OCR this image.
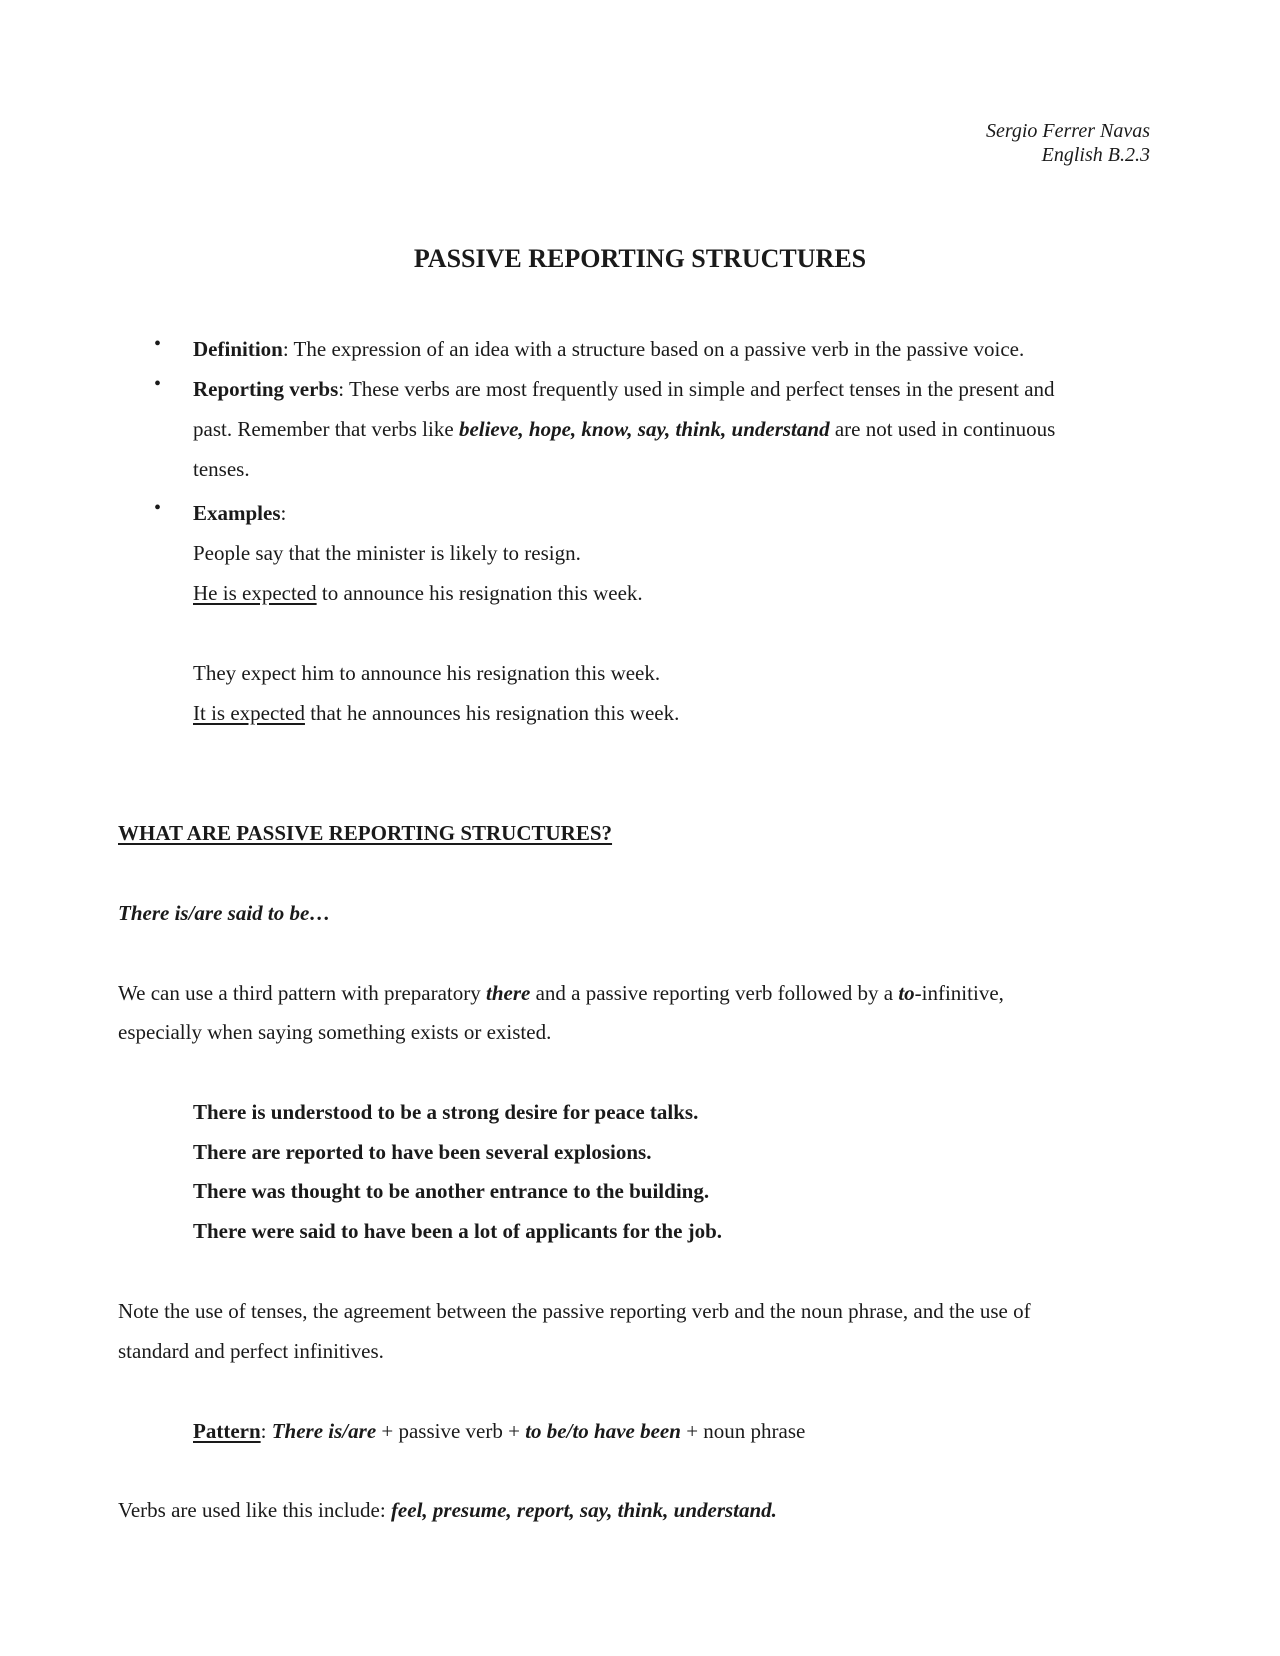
Sergio Ferrer Navas
English B.2.3
PASSIVE REPORTING STRUCTURES
• Definition: The expression of an idea with a structure based on a passive verb in the passive voice.
• Reporting verbs: These verbs are most frequently used in simple and perfect tenses in the present and
past. Remember that verbs like believe, hope, know, say, think, understand are not used in continuous
tenses.
• Examples:
People say that the minister is likely to resign.
He is expected to announce his resignation this week.
They expect him to announce his resignation this week.
It is expected that he announces his resignation this week.
WHAT ARE PASSIVE REPORTING STRUCTURES?
There is/are said to be…
We can use a third pattern with preparatory there and a passive reporting verb followed by a to-infinitive,
especially when saying something exists or existed.
There is understood to be a strong desire for peace talks.
There are reported to have been several explosions.
There was thought to be another entrance to the building.
There were said to have been a lot of applicants for the job.
Note the use of tenses, the agreement between the passive reporting verb and the noun phrase, and the use of
standard and perfect infinitives.
Pattern: There is/are + passive verb + to be/to have been + noun phrase
Verbs are used like this include: feel, presume, report, say, think, understand.
